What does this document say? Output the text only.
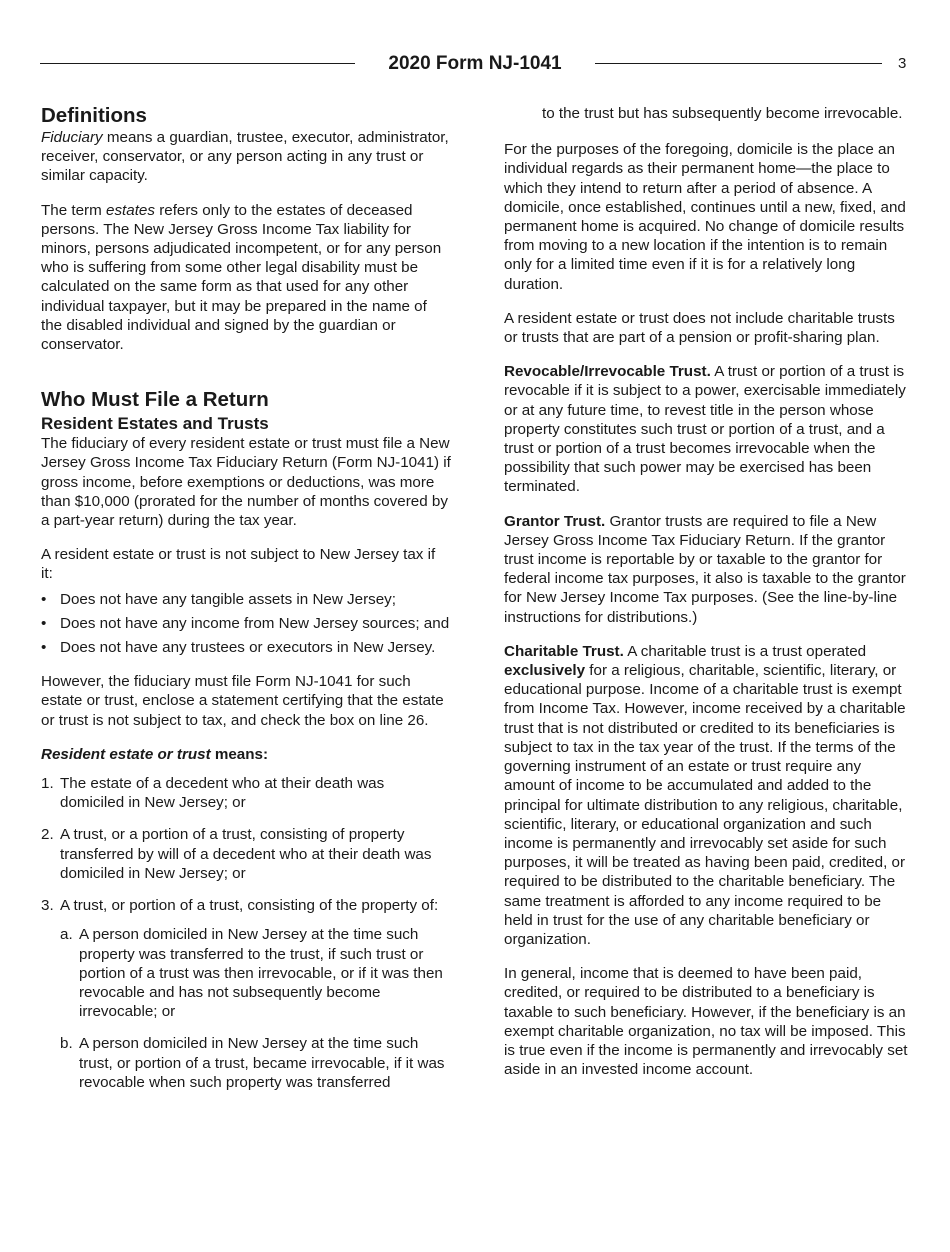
2020 Form NJ-1041	3
Definitions

Fiduciary means a guardian, trustee, executor, administrator, receiver, conservator, or any person acting in any trust or similar capacity.

The term estates refers only to the estates of deceased persons. The New Jersey Gross Income Tax liability for minors, persons adjudicated incompetent, or for any person who is suffering from some other legal disability must be calculated on the same form as that used for any other individual taxpayer, but it may be prepared in the name of the disabled individual and signed by the guardian or conservator.

Who Must File a Return
Resident Estates and Trusts

The fiduciary of every resident estate or trust must file a New Jersey Gross Income Tax Fiduciary Return (Form NJ-1041) if gross income, before exemptions or deductions, was more than $10,000 (prorated for the number of months covered by a part-year return) during the tax year.

A resident estate or trust is not subject to New Jersey tax if it:

• Does not have any tangible assets in New Jersey;
• Does not have any income from New Jersey sources; and
• Does not have any trustees or executors in New Jersey.

However, the fiduciary must file Form NJ-1041 for such estate or trust, enclose a statement certifying that the estate or trust is not subject to tax, and check the box on line 26.

Resident estate or trust means:

1. The estate of a decedent who at their death was domiciled in New Jersey; or
2. A trust, or a portion of a trust, consisting of property transferred by will of a decedent who at their death was domiciled in New Jersey; or
3. A trust, or portion of a trust, consisting of the property of:
a. A person domiciled in New Jersey at the time such property was transferred to the trust, if such trust or portion of a trust was then irrevocable, or if it was then revocable and has not subsequently become irrevocable; or
b. A person domiciled in New Jersey at the time such trust, or portion of a trust, became irrevocable, if it was revocable when such property was transferred

to the trust but has subsequently become irrevocable.

For the purposes of the foregoing, domicile is the place an individual regards as their permanent home—the place to which they intend to return after a period of absence. A domicile, once established, continues until a new, fixed, and permanent home is acquired. No change of domicile results from moving to a new location if the intention is to remain only for a limited time even if it is for a relatively long duration.

A resident estate or trust does not include charitable trusts or trusts that are part of a pension or profit-sharing plan.

Revocable/Irrevocable Trust. A trust or portion of a trust is revocable if it is subject to a power, exercisable immediately or at any future time, to revest title in the person whose property constitutes such trust or portion of a trust, and a trust or portion of a trust becomes irrevocable when the possibility that such power may be exercised has been terminated.

Grantor Trust. Grantor trusts are required to file a New Jersey Gross Income Tax Fiduciary Return. If the grantor trust income is reportable by or taxable to the grantor for federal income tax purposes, it also is taxable to the grantor for New Jersey Income Tax purposes. (See the line-by-line instructions for distributions.)

Charitable Trust. A charitable trust is a trust operated exclusively for a religious, charitable, scientific, literary, or educational purpose. Income of a charitable trust is exempt from Income Tax. However, income received by a charitable trust that is not distributed or credited to its beneficiaries is subject to tax in the tax year of the trust. If the terms of the governing instrument of an estate or trust require any amount of income to be accumulated and added to the principal for ultimate distribution to any religious, charitable, scientific, literary, or educational organization and such income is permanently and irrevocably set aside for such purposes, it will be treated as having been paid, credited, or required to be distributed to the charitable beneficiary. The same treatment is afforded to any income required to be held in trust for the use of any charitable beneficiary or organization.

In general, income that is deemed to have been paid, credited, or required to be distributed to a beneficiary is taxable to such beneficiary. However, if the beneficiary is an exempt charitable organization, no tax will be imposed. This is true even if the income is permanently and irrevocably set aside in an invested income account.
